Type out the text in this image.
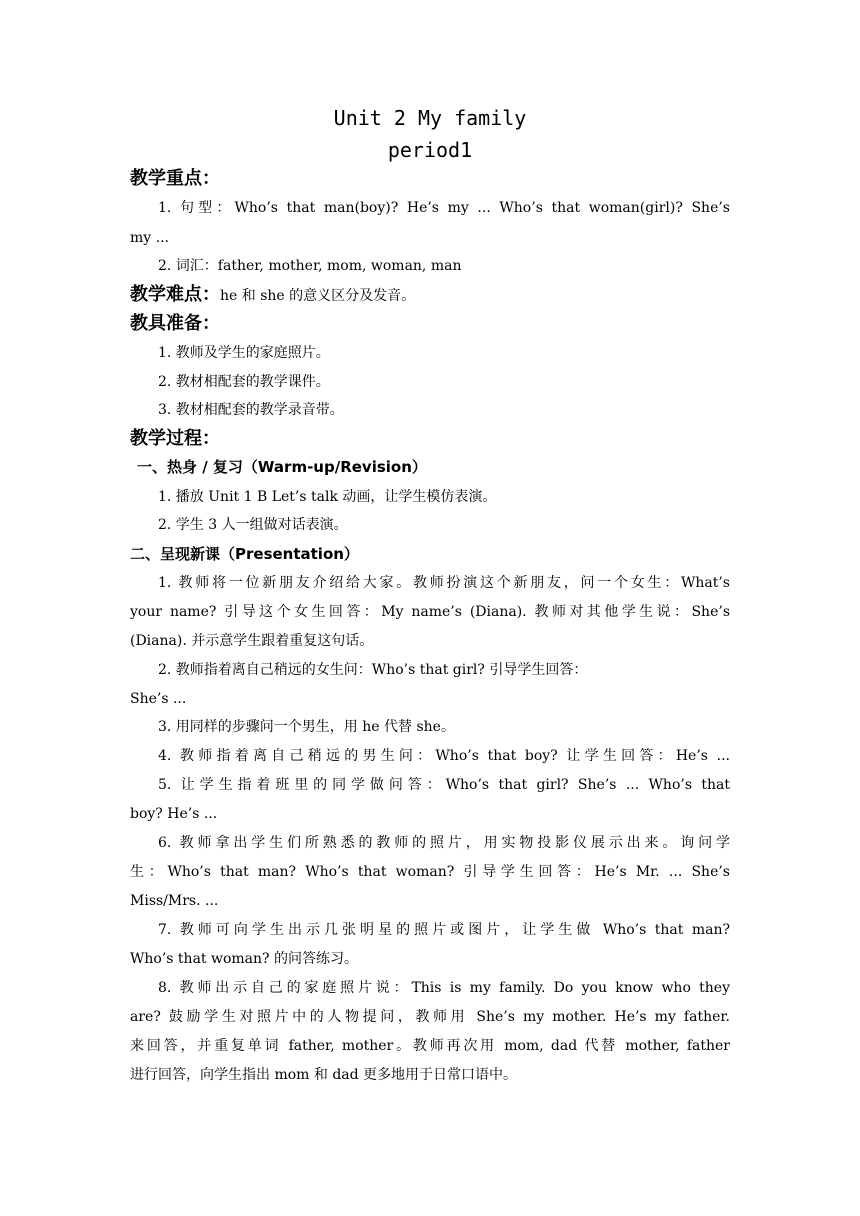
Unit 2 My family
period1
教学重点：
1. 句型：Who’s that man(boy)? He’s my ... Who’s that woman(girl)? She’s
my ...
2. 词汇：father, mother, mom, woman, man
教学难点：he 和 she 的意义区分及发音。
教具准备：
1. 教师及学生的家庭照片。
2. 教材相配套的教学课件。
3. 教材相配套的教学录音带。
教学过程：
一、热身 / 复习（Warm-up/Revision）
1. 播放 Unit 1 B Let’s talk 动画，让学生模仿表演。
2. 学生 3 人一组做对话表演。
二、呈现新课（Presentation）
1. 教师将一位新朋友介绍给大家。教师扮演这个新朋友，问一个女生：What’s
your name? 引导这个女生回答：My name’s (Diana). 教师对其他学生说：She’s
(Diana). 并示意学生跟着重复这句话。
2. 教师指着离自己稍远的女生问：Who’s that girl? 引导学生回答：
She’s ...
3. 用同样的步骤问一个男生，用 he 代替 she。
4. 教师指着离自己稍远的男生问：Who’s that boy? 让学生回答：He’s ...
5. 让学生指着班里的同学做问答：Who’s that girl? She’s ... Who’s that
boy? He’s ...
6. 教师拿出学生们所熟悉的教师的照片，用实物投影仪展示出来。询问学
生：Who’s that man? Who’s that woman? 引导学生回答：He’s Mr. ... She’s
Miss/Mrs. ...
7. 教师可向学生出示几张明星的照片或图片，让学生做 Who’s that man?
Who’s that woman? 的问答练习。
8. 教师出示自己的家庭照片说：This is my family. Do you know who they
are? 鼓励学生对照片中的人物提问，教师用 She’s my mother. He’s my father.
来回答，并重复单词 father, mother。教师再次用 mom, dad 代替 mother, father
进行回答，向学生指出 mom 和 dad 更多地用于日常口语中。
